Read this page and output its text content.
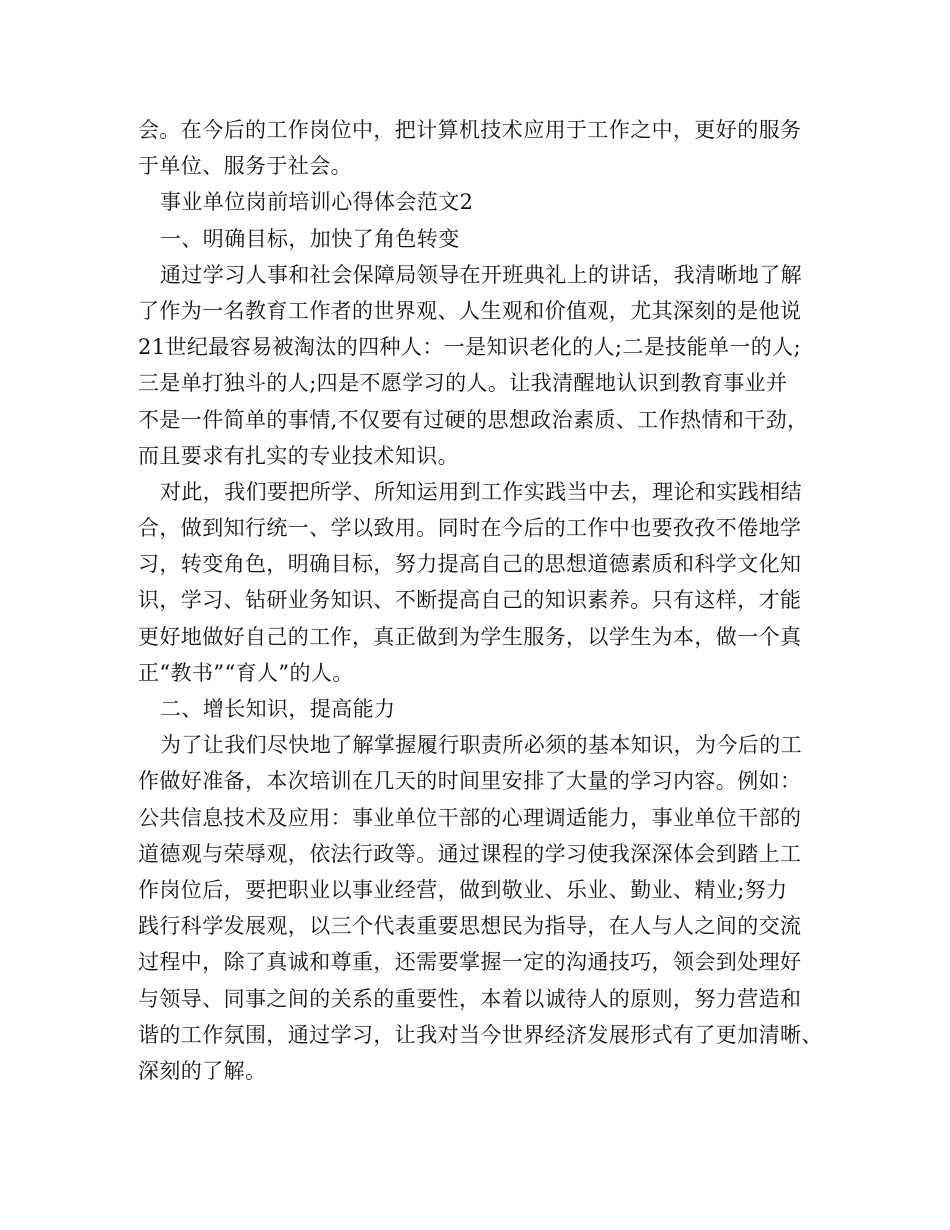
会。在今后的工作岗位中，把计算机技术应用于工作之中，更好的服务
于单位、服务于社会。
事业单位岗前培训心得体会范文2
一、明确目标，加快了角色转变
通过学习人事和社会保障局领导在开班典礼上的讲话，我清晰地了解
了作为一名教育工作者的世界观、人生观和价值观，尤其深刻的是他说
21世纪最容易被淘汰的四种人：一是知识老化的人;二是技能单一的人;
三是单打独斗的人;四是不愿学习的人。让我清醒地认识到教育事业并
不是一件简单的事情,不仅要有过硬的思想政治素质、工作热情和干劲，
而且要求有扎实的专业技术知识。
对此，我们要把所学、所知运用到工作实践当中去，理论和实践相结
合，做到知行统一、学以致用。同时在今后的工作中也要孜孜不倦地学
习，转变角色，明确目标，努力提高自己的思想道德素质和科学文化知
识，学习、钻研业务知识、不断提高自己的知识素养。只有这样，才能
更好地做好自己的工作，真正做到为学生服务，以学生为本，做一个真
正“教书”“育人”的人。
二、增长知识，提高能力
为了让我们尽快地了解掌握履行职责所必须的基本知识，为今后的工
作做好准备，本次培训在几天的时间里安排了大量的学习内容。例如：
公共信息技术及应用：事业单位干部的心理调适能力，事业单位干部的
道德观与荣辱观，依法行政等。通过课程的学习使我深深体会到踏上工
作岗位后，要把职业以事业经营，做到敬业、乐业、勤业、精业;努力
践行科学发展观，以三个代表重要思想民为指导，在人与人之间的交流
过程中，除了真诚和尊重，还需要掌握一定的沟通技巧，领会到处理好
与领导、同事之间的关系的重要性，本着以诚待人的原则，努力营造和
谐的工作氛围，通过学习，让我对当今世界经济发展形式有了更加清晰、
深刻的了解。
